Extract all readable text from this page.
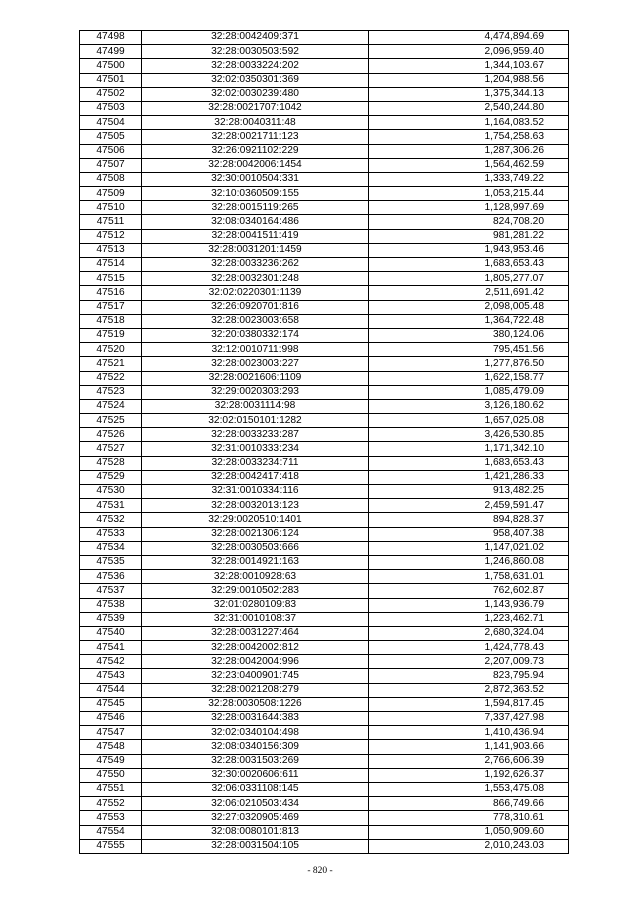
47498	32:28:0042409:371	4,474,894.69
47499	32:28:0030503:592	2,096,959.40
47500	32:28:0033224:202	1,344,103.67
47501	32:02:0350301:369	1,204,988.56
47502	32:02:0030239:480	1,375,344.13
47503	32:28:0021707:1042	2,540,244.80
47504	32:28:0040311:48	1,164,083.52
47505	32:28:0021711:123	1,754,258.63
47506	32:26:0921102:229	1,287,306.26
47507	32:28:0042006:1454	1,564,462.59
47508	32:30:0010504:331	1,333,749.22
47509	32:10:0360509:155	1,053,215.44
47510	32:28:0015119:265	1,128,997.69
47511	32:08:0340164:486	824,708.20
47512	32:28:0041511:419	981,281.22
47513	32:28:0031201:1459	1,943,953.46
47514	32:28:0033236:262	1,683,653.43
47515	32:28:0032301:248	1,805,277.07
47516	32:02:0220301:1139	2,511,691.42
47517	32:26:0920701:816	2,098,005.48
47518	32:28:0023003:658	1,364,722.48
47519	32:20:0380332:174	380,124.06
47520	32:12:0010711:998	795,451.56
47521	32:28:0023003:227	1,277,876.50
47522	32:28:0021606:1109	1,622,158.77
47523	32:29:0020303:293	1,085,479.09
47524	32:28:0031114:98	3,126,180.62
47525	32:02:0150101:1282	1,657,025.08
47526	32:28:0033233:287	3,426,530.85
47527	32:31:0010333:234	1,171,342.10
47528	32:28:0033234:711	1,683,653.43
47529	32:28:0042417:418	1,421,286.33
47530	32:31:0010334:116	913,482.25
47531	32:28:0032013:123	2,459,591.47
47532	32:29:0020510:1401	894,828.37
47533	32:28:0021306:124	958,407.38
47534	32:28:0030503:666	1,147,021.02
47535	32:28:0014921:163	1,246,860.08
47536	32:28:0010928:63	1,758,631.01
47537	32:29:0010502:283	762,602.87
47538	32:01:0280109:83	1,143,936.79
47539	32:31:0010108:37	1,223,462.71
47540	32:28:0031227:464	2,680,324.04
47541	32:28:0042002:812	1,424,778.43
47542	32:28:0042004:996	2,207,009.73
47543	32:23:0400901:745	823,795.94
47544	32:28:0021208:279	2,872,363.52
47545	32:28:0030508:1226	1,594,817.45
47546	32:28:0031644:383	7,337,427.98
47547	32:02:0340104:498	1,410,436.94
47548	32:08:0340156:309	1,141,903.66
47549	32:28:0031503:269	2,766,606.39
47550	32:30:0020606:611	1,192,626.37
47551	32:06:0331108:145	1,553,475.08
47552	32:06:0210503:434	866,749.66
47553	32:27:0320905:469	778,310.61
47554	32:08:0080101:813	1,050,909.60
47555	32:28:0031504:105	2,010,243.03
- 820 -
